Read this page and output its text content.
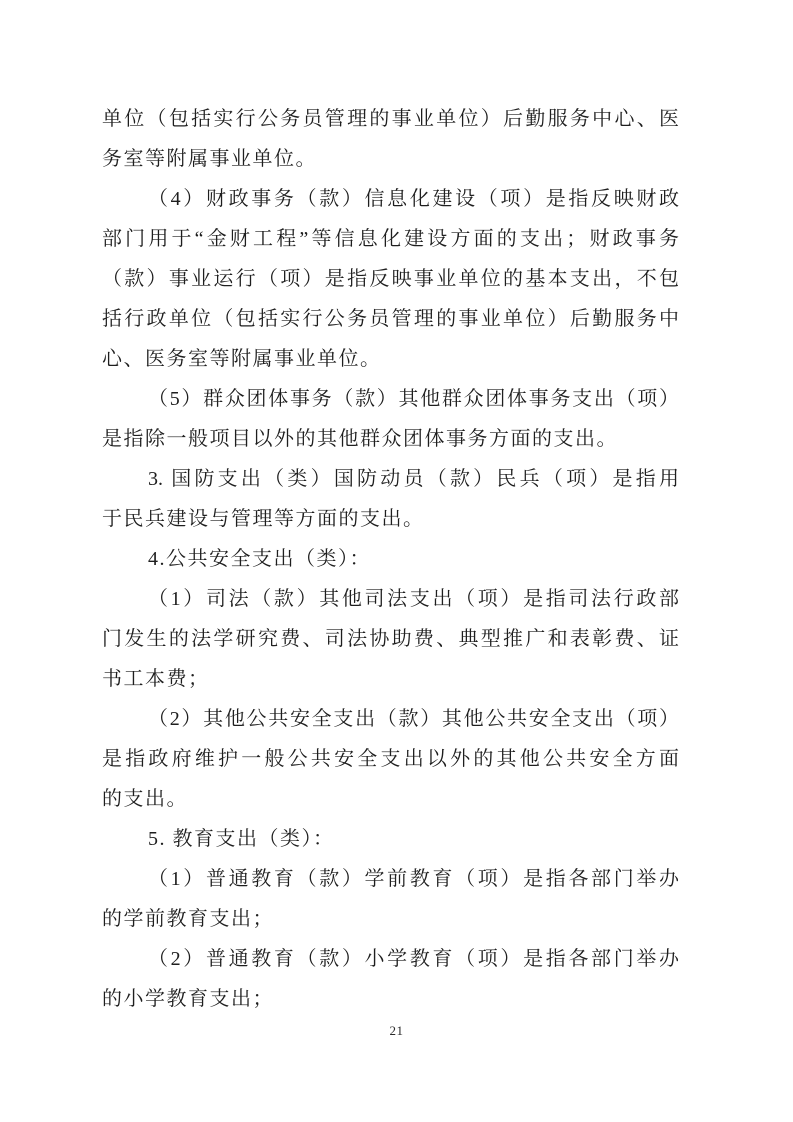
单位（包括实行公务员管理的事业单位）后勤服务中心、医
务室等附属事业单位。
（4）财政事务（款）信息化建设（项）是指反映财政
部门用于“金财工程”等信息化建设方面的支出；财政事务
（款）事业运行（项）是指反映事业单位的基本支出，不包
括行政单位（包括实行公务员管理的事业单位）后勤服务中
心、医务室等附属事业单位。
（5）群众团体事务（款）其他群众团体事务支出（项）
是指除一般项目以外的其他群众团体事务方面的支出。
3. 国防支出（类）国防动员（款）民兵（项）是指用
于民兵建设与管理等方面的支出。
4.公共安全支出（类）：
（1）司法（款）其他司法支出（项）是指司法行政部
门发生的法学研究费、司法协助费、典型推广和表彰费、证
书工本费；
（2）其他公共安全支出（款）其他公共安全支出（项）
是指政府维护一般公共安全支出以外的其他公共安全方面
的支出。
5. 教育支出（类）：
（1）普通教育（款）学前教育（项）是指各部门举办
的学前教育支出；
（2）普通教育（款）小学教育（项）是指各部门举办
的小学教育支出；
21
